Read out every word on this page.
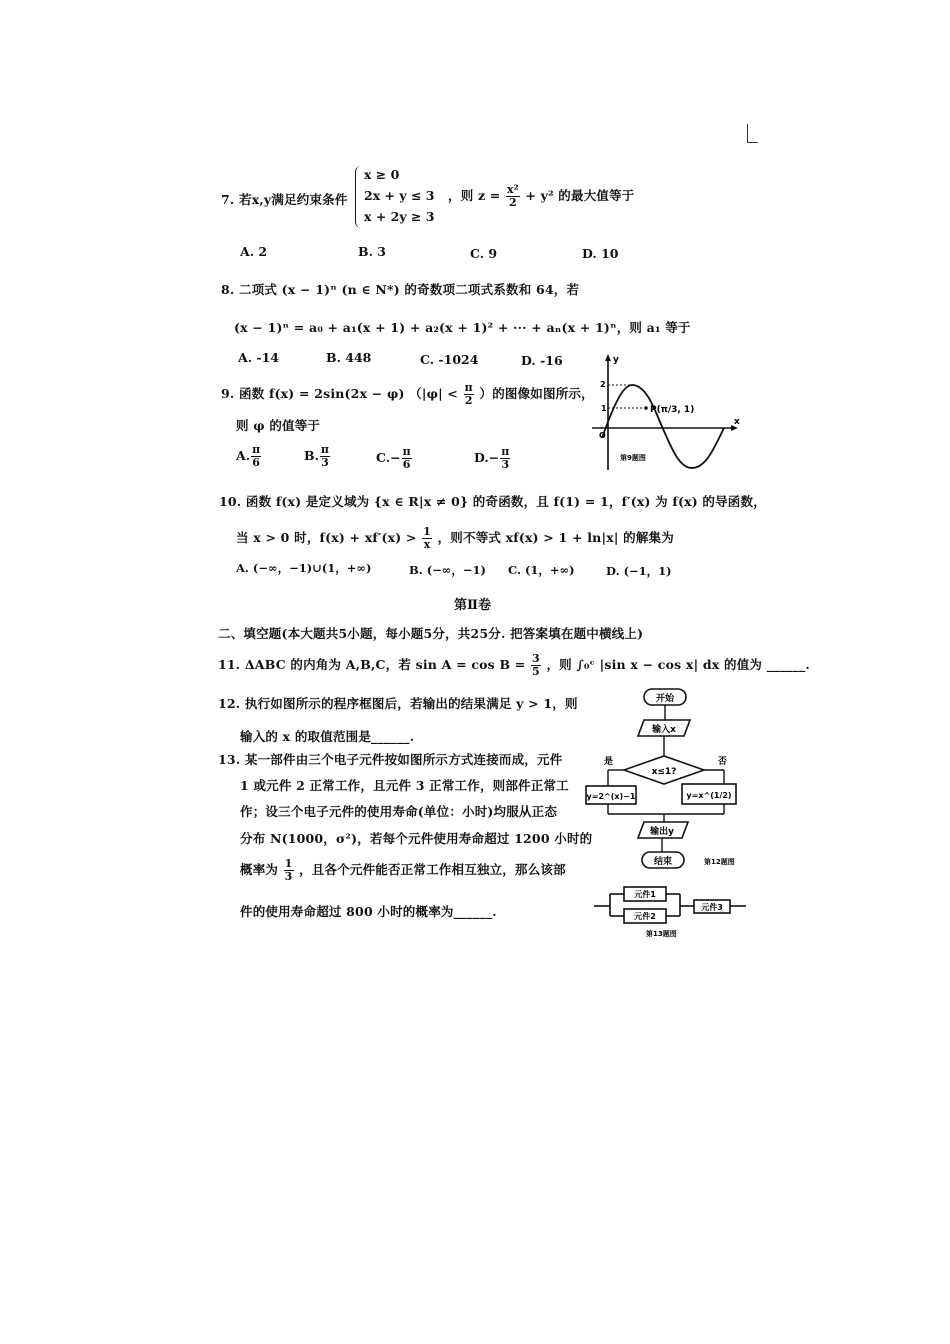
7. 若x,y满足约束条件
x ≥ 0
2x + y ≤ 3
x + 2y ≥ 3
，则 $z = \frac{\text{x²}}{2} + y^2$ 的最大值等于
A. 2	B. 3	C. 9	D. 10
8. 二项式 (x − 1)ⁿ (n ∈ N*) 的奇数项二项式系数和 64，若
(x − 1)ⁿ = a₀ + a₁(x + 1) + a₂(x + 1)² + ··· + aₙ(x + 1)ⁿ，则 a₁ 等于
A. -14	B. 448	C. -1024	D. -16
9. 函数 f(x) = 2sin(2x − φ) （$|\varphi| < \frac{\pi}{2}$ ）的图像如图所示，
则 φ 的值等于
A. $\frac{\pi}{6}$	B. $\frac{\pi}{3}$	$C.- \frac{\pi}{6}$	$D.- \frac{\pi}{3}$
y
x
2
1
O
P(π/3, 1)
第9题图
10. 函数 f(x) 是定义域为 {x ∈ R|x ≠ 0} 的奇函数，且 f(1) = 1，f′(x) 为 f(x) 的导函数，
当 x > 0 时，$f(x) + xf'(x) > \frac{1}{x}$ ，则不等式 xf(x) > 1 + ln|x| 的解集为
A. (−∞，−1)∪(1，+∞)	B. (−∞，−1) C. (1，+∞)	D. (−1，1)
第Ⅱ卷
二、填空题(本大题共5小题，每小题5分，共25分. 把答案填在题中横线上)
11. ΔABC 的内角为 A,B,C，若 $\sin A = \cos B = \frac{3}{5}$ ，则 ∫₀ᶜ |sin x − cos x| dx 的值为 ______.
12. 执行如图所示的程序框图后，若输出的结果满足 y > 1，则
输入的 x 的取值范围是______.
13. 某一部件由三个电子元件按如图所示方式连接而成，元件
1 或元件 2 正常工作，且元件 3 正常工作，则部件正常工
作；设三个电子元件的使用寿命(单位：小时)均服从正态
分布 N(1000，σ²)，若每个元件使用寿命超过 1200 小时的
概率为 $\frac{1}{3}$ ，且各个元件能否正常工作相互独立，那么该部
件的使用寿命超过 800 小时的概率为______.
开始
输入x
x≤1?
是	否
y=2^(x)−1	y=x^(1/2)
输出y
结束	第12题图
元件1
元件2
元件3
第13题图
